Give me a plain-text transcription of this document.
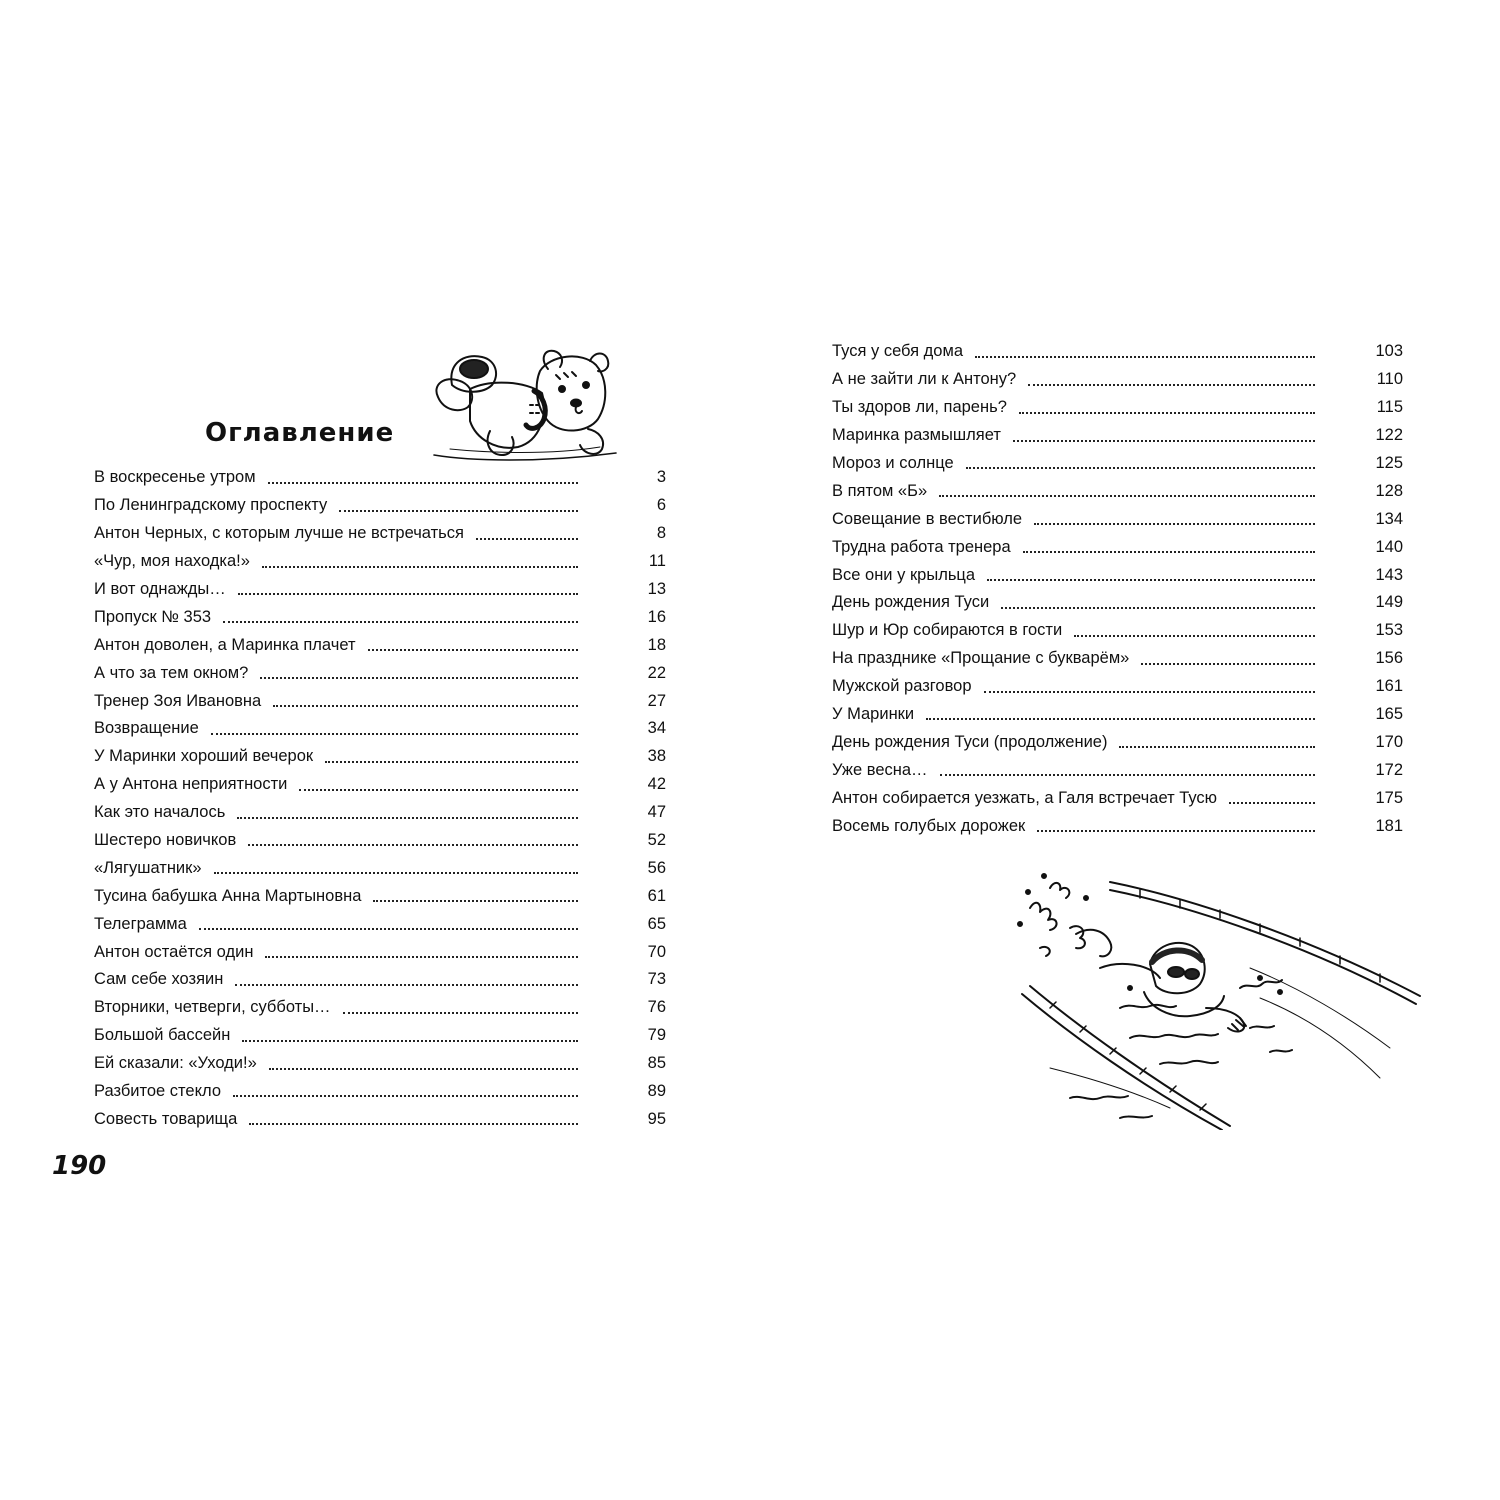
Оглавление
В воскресенье утром	3
По Ленинградскому проспекту	6
Антон Черных, с которым лучше не встречаться	8
«Чур, моя находка!»	11
И вот однажды…	13
Пропуск № 353	16
Антон доволен, а Маринка плачет	18
А что за тем окном?	22
Тренер Зоя Ивановна	27
Возвращение	34
У Маринки хороший вечерок	38
А у Антона неприятности	42
Как это началось	47
Шестеро новичков	52
«Лягушатник»	56
Тусина бабушка Анна Мартыновна	61
Телеграмма	65
Антон остаётся один	70
Сам себе хозяин	73
Вторники, четверги, субботы…	76
Большой бассейн	79
Ей сказали: «Уходи!»	85
Разбитое стекло	89
Совесть товарища	95
190
Туся у себя дома	103
А не зайти ли к Антону?	110
Ты здоров ли, парень?	115
Маринка размышляет	122
Мороз и солнце	125
В пятом «Б»	128
Совещание в вестибюле	134
Трудна работа тренера	140
Все они у крыльца	143
День рождения Туси	149
Шур и Юр собираются в гости	153
На празднике «Прощание с букварём»	156
Мужской разговор	161
У Маринки	165
День рождения Туси (продолжение)	170
Уже весна…	172
Антон собирается уезжать, а Галя встречает Тусю	175
Восемь голубых дорожек	181
